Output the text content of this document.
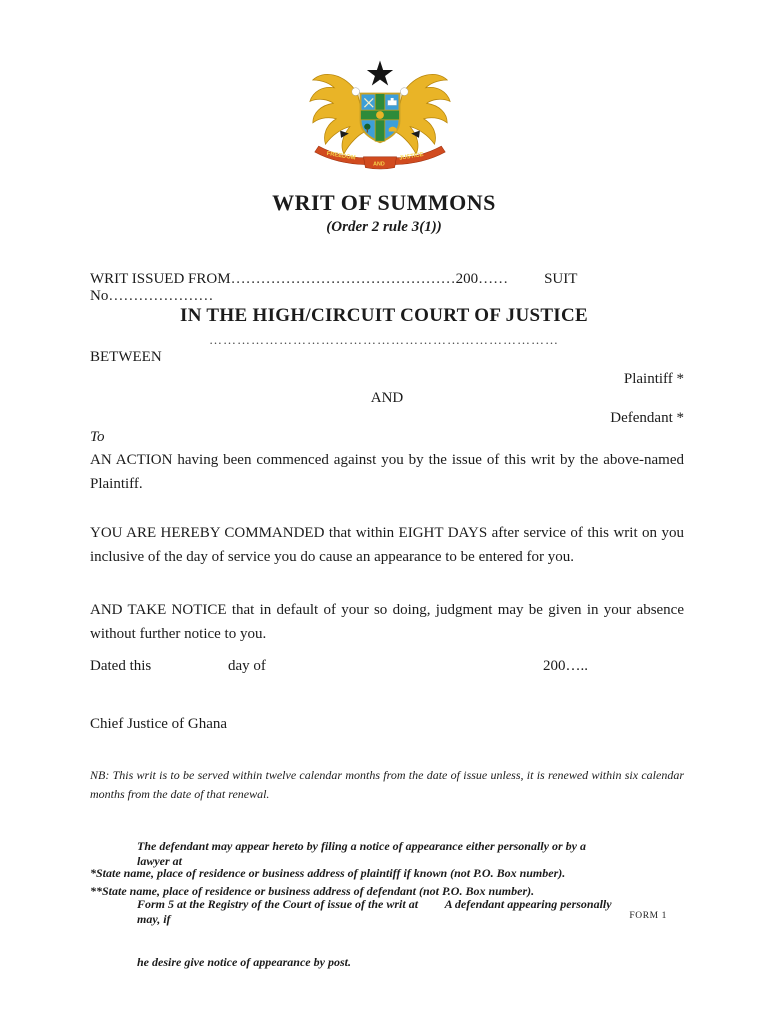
FREEDOM	JUSTICE
AND
WRIT OF SUMMONS
(Order 2 rule 3(1))
WRIT ISSUED FROM………………………………………200…… SUIT No…………………
IN THE HIGH/CIRCUIT COURT OF JUSTICE
…………………………………………………………………
BETWEEN
Plaintiff *
AND
Defendant *
To
AN ACTION having been commenced against you by the issue of this writ by the above-named Plaintiff.
YOU ARE HEREBY COMMANDED that within EIGHT DAYS after service of this writ on you inclusive of the day of service you do cause an appearance to be entered for you.
AND TAKE NOTICE that in default of your so doing, judgment may be given in your absence without further notice to you.
Dated this	day of	200…..
Chief Justice of Ghana
NB: This writ is to be served within twelve calendar months from the date of issue unless, it is renewed within six calendar months from the date of that renewal.

The defendant may appear hereto by filing a notice of appearance either personally or by a lawyer at

Form 5 at the Registry of the Court of issue of the writ at         A defendant appearing personally may, if

he desire give notice of appearance by post.

*State name, place of residence or business address of plaintiff if known (not P.O. Box number).
**State name, place of residence or business address of defendant (not P.O. Box number).
FORM 1
